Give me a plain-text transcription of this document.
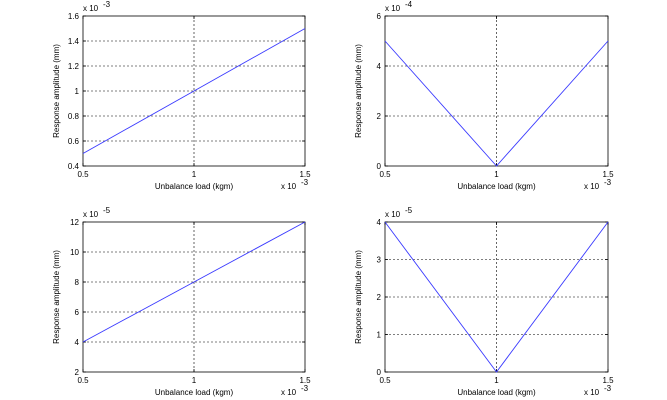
0.4
0.6
0.8
1
1.2
1.4
1.6
0.5	1	1.5
x 10 -3
x 10 -3
Unbalance load (kgm)
Response amplitude (mm)
0
2
4
6
0.5	1	1.5
x 10 -4
x 10 -3
Unbalance load (kgm)
Response amplitude (mm)
2
4
6
8
10
12
0.5	1	1.5
x 10 -5
x 10 -3
Unbalance load (kgm)
Response amplitude (mm)
0
1
2
3
4
0.5	1	1.5
x 10 -5
x 10 -3
Unbalance load (kgm)
Response amplitude (mm)
